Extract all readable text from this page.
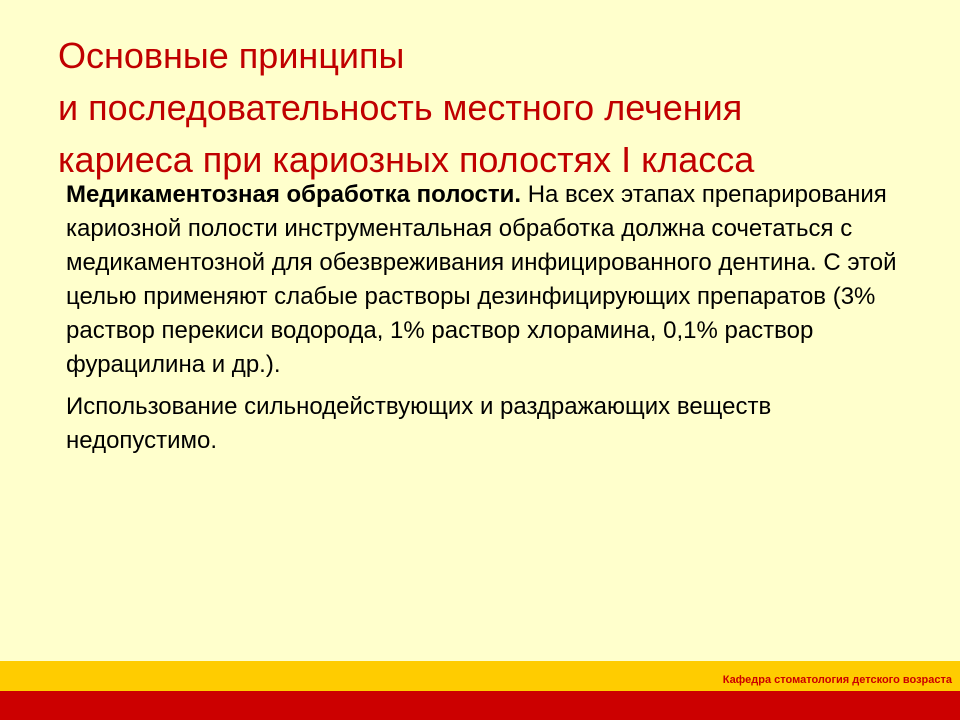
Основные принципы
и последовательность местного лечения
кариеса при кариозных полостях I класса

Медикаментозная обработка полости. На всех этапах препарирования кариозной полости инструментальная обработка должна сочетаться с медикаментозной для обезвреживания инфицированного дентина. С этой целью применяют слабые растворы дезинфицирующих препаратов (3% раствор перекиси водорода, 1% раствор хлорамина, 0,1% раствор фурацилина и др.).

Использование сильнодействующих и раздражающих веществ недопустимо.

Кафедра стоматология детского возраста
